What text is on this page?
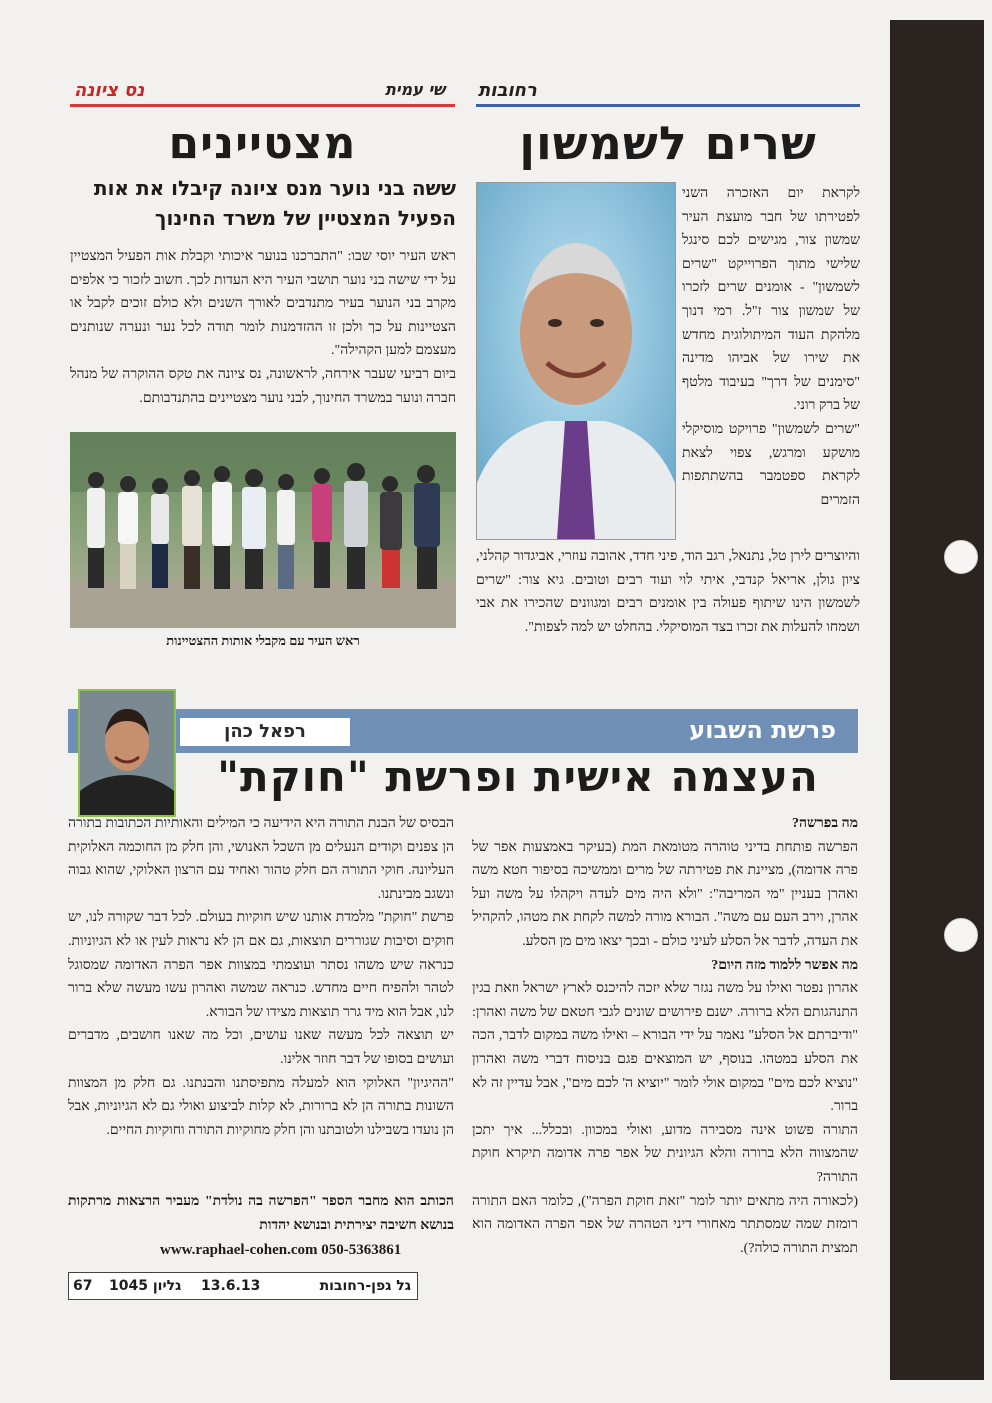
נס ציונה	שי עמית רחובות
מצטיינים
ששה בני נוער מנס ציונה קיבלו את אות הפעיל המצטיין של משרד החינוך

ראש העיר יוסי שבו: "התברכנו בנוער איכותי וקבלת אות הפעיל המצטיין על ידי שישה בני נוער תושבי העיר היא העדות לכך. חשוב לזכור כי אלפים מקרב בני הנוער בעיר מתנדבים לאורך השנים ולא כולם זוכים לקבל או הצטיינות על כך ולכן זו ההזדמנות לומר תודה לכל נער ונערה שנותנים מעצמם למען הקהילה".

ביום רביעי שעבר אירחה, לראשונה, נס ציונה את טקס ההוקרה של מנהל חברה ונוער במשרד החינוך, לבני נוער מצטיינים בהתנדבותם.

ראש העיר עם מקבלי אותות ההצטיינות
שרים לשמשון

לקראת יום האזכרה השני לפטירתו של חבר מועצת העיר שמשון צור, מגישים לכם סינגל שלישי מתוך הפרוייקט "שרים לשמשון" - אומנים שרים לזכרו של שמשון צור ז"ל. רמי דנוך מלהקת העוד המיתולוגית מחדש את שירו של אביהו מדינה "סימנים של דרך" בעיבוד מלטף של ברק רוני.

"שרים לשמשון" פרויקט מוסיקלי מושקע ומרגש, צפוי לצאת לקראת ספטמבר בהשתתפות הזמרים

והיוצרים לירן טל, נתנאל, רגב הוד, פיני חדד, אהובה עוזרי, אביגדור קהלני, ציון גולן, אריאל קנדבי, איתי לוי ועוד רבים וטובים. גיא צור: "שרים לשמשון הינו שיתוף פעולה בין אומנים רבים ומגוונים שהכירו את אבי ושמחו להעלות את זכרו בצד המוסיקלי. בהחלט יש למה לצפות".

פרשת השבוע
רפאל כהן
העצמה אישית ופרשת "חוקת"

מה בפרשה?

הפרשה פותחת בדיני טוהרה מטומאת המת (בעיקר באמצעות אפר של פרה אדומה), מציינת את פטירתה של מרים וממשיכה בסיפור חטא משה ואהרן בעניין "מי המריבה": "ולא היה מים לעדה ויקהלו על משה ועל אהרן, וירב העם עם משה". הבורא מורה למשה לקחת את מטהו, להקהיל את העדה, לדבר אל הסלע לעיני כולם - ובכך יצאו מים מן הסלע.

מה אפשר ללמוד מזה היום?

אהרון נפטר ואילו על משה נגזר שלא יזכה להיכנס לארץ ישראל וזאת בגין התנהגותם הלא ברורה. ישנם פירושים שונים לגבי חטאם של משה ואהרן: "ודיברתם אל הסלע" נאמר על ידי הבורא – ואילו משה במקום לדבר, הכה את הסלע במטהו. בנוסף, יש המוצאים פגם בניסוח דברי משה ואהרון "נוציא לכם מים" במקום אולי לומר "יוציא ה' לכם מים", אבל עדיין זה לא ברור.

התורה פשוט אינה מסבירה מדוע, ואולי במכוון. ובכלל... איך יתכן שהמצווה הלא ברורה והלא הגיונית של אפר פרה אדומה תיקרא חוקת התורה?

(לכאורה היה מתאים יותר לומר "זאת חוקת הפרה"), כלומר האם התורה רומזת שמה שמסתתר מאחורי דיני הטהרה של אפר הפרה האדומה הוא תמצית התורה כולה?).

הבסיס של הבנת התורה היא הידיעה כי המילים והאותיות הכתובות בתורה הן צפנים וקודים הנעלים מן השכל האנושי, והן חלק מן החוכמה האלוקית העליונה. חוקי התורה הם חלק טהור ואחיד עם הרצון האלוקי, שהוא גבוה ונשגב מבינתנו.

פרשת "חוקת" מלמדת אותנו שיש חוקיות בעולם. לכל דבר שקורה לנו, יש חוקים וסיבות שגוררים תוצאות, גם אם הן לא נראות לעין או לא הגיוניות. כנראה שיש משהו נסתר ועוצמתי במצוות אפר הפרה האדומה שמסוגל לטהר ולהפיח חיים מחדש. כנראה שמשה ואהרון עשו מעשה שלא ברור לנו, אבל הוא מיד גרר תוצאות מצידו של הבורא.

יש תוצאה לכל מעשה שאנו עושים, וכל מה שאנו חושבים, מדברים ועושים בסופו של דבר חוזר אלינו.

"ההיגיון" האלוקי הוא למעלה מתפיסתנו והבנתנו. גם חלק מן המצוות השונות בתורה הן לא ברורות, לא קלות לביצוע ואולי גם לא הגיוניות, אבל הן נועדו בשבילנו ולטובתנו והן חלק מחוקיות התורה וחוקיות החיים.

הכותב הוא מחבר הספר "הפרשה בה נולדת" מעביר הרצאות מרתקות בנושא חשיבה יצירתית ובנושא יהדות
www.raphael-cohen.com 050-5363861
גל גפן-רחובות
13.6.13
גליון 1045
67
